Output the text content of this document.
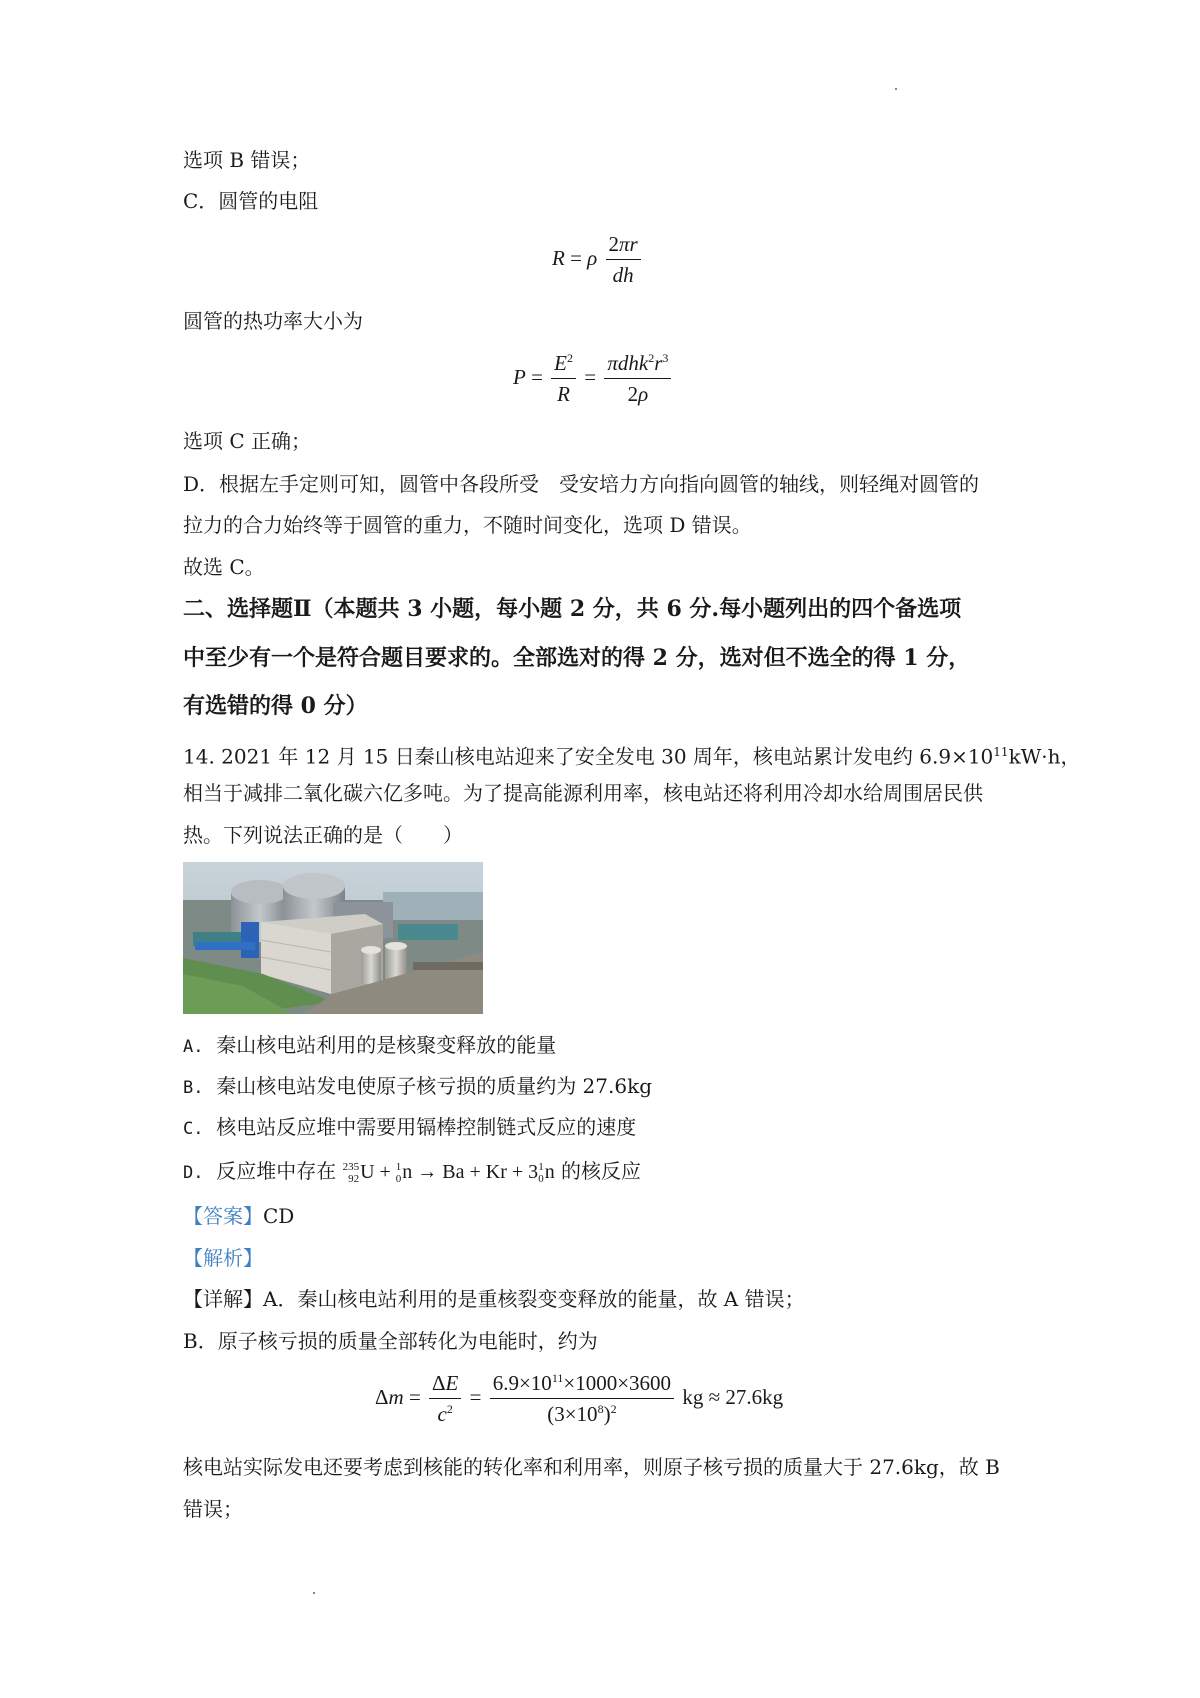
选项 B 错误；
C．圆管的电阻
R = ρ $\frac{2\pi r}{dh}$
圆管的热功率大小为
$P = \frac{E^2}{R} = \frac{\pi dhk^2r^3}{2\rho}$
选项 C 正确；
D．根据左手定则可知，圆管中各段所受　受安培力方向指向圆管的轴线，则轻绳对圆管的
拉力的合力始终等于圆管的重力，不随时间变化，选项 D 错误。
故选 C。
二、选择题Ⅱ（本题共 3 小题，每小题 2 分，共 6 分.每小题列出的四个备选项
中至少有一个是符合题目要求的。全部选对的得 2 分，选对但不选全的得 1 分，
有选错的得 0 分）
14. 2021 年 12 月 15 日秦山核电站迎来了安全发电 30 周年，核电站累计发电约 $6.9\times 10^{11}kW\cdot h$，
相当于减排二氧化碳六亿多吨。为了提高能源利用率，核电站还将利用冷却水给周围居民供
热。下列说法正确的是（　　）
A. 秦山核电站利用的是核聚变释放的能量
B. 秦山核电站发电使原子核亏损的质量约为 27.6kg
C. 核电站反应堆中需要用镉棒控制链式反应的速度
D. 反应堆中存在 235
92 U + 1
0 n → Ba + Kr + 3 1
0 n 的核反应
【答案】CD
【解析】
【详解】A．秦山核电站利用的是重核裂变变释放的能量，故 A 错误；
B．原子核亏损的质量全部转化为电能时，约为
$\Delta m = \frac{\Delta E}{c^2} = \frac{6.9\times 10^{11}\times 1000\times 3600}{(3\times 10^8)^2}$ kg ≈ 27.6kg
核电站实际发电还要考虑到核能的转化率和利用率，则原子核亏损的质量大于 27.6kg，故 B
错误；
